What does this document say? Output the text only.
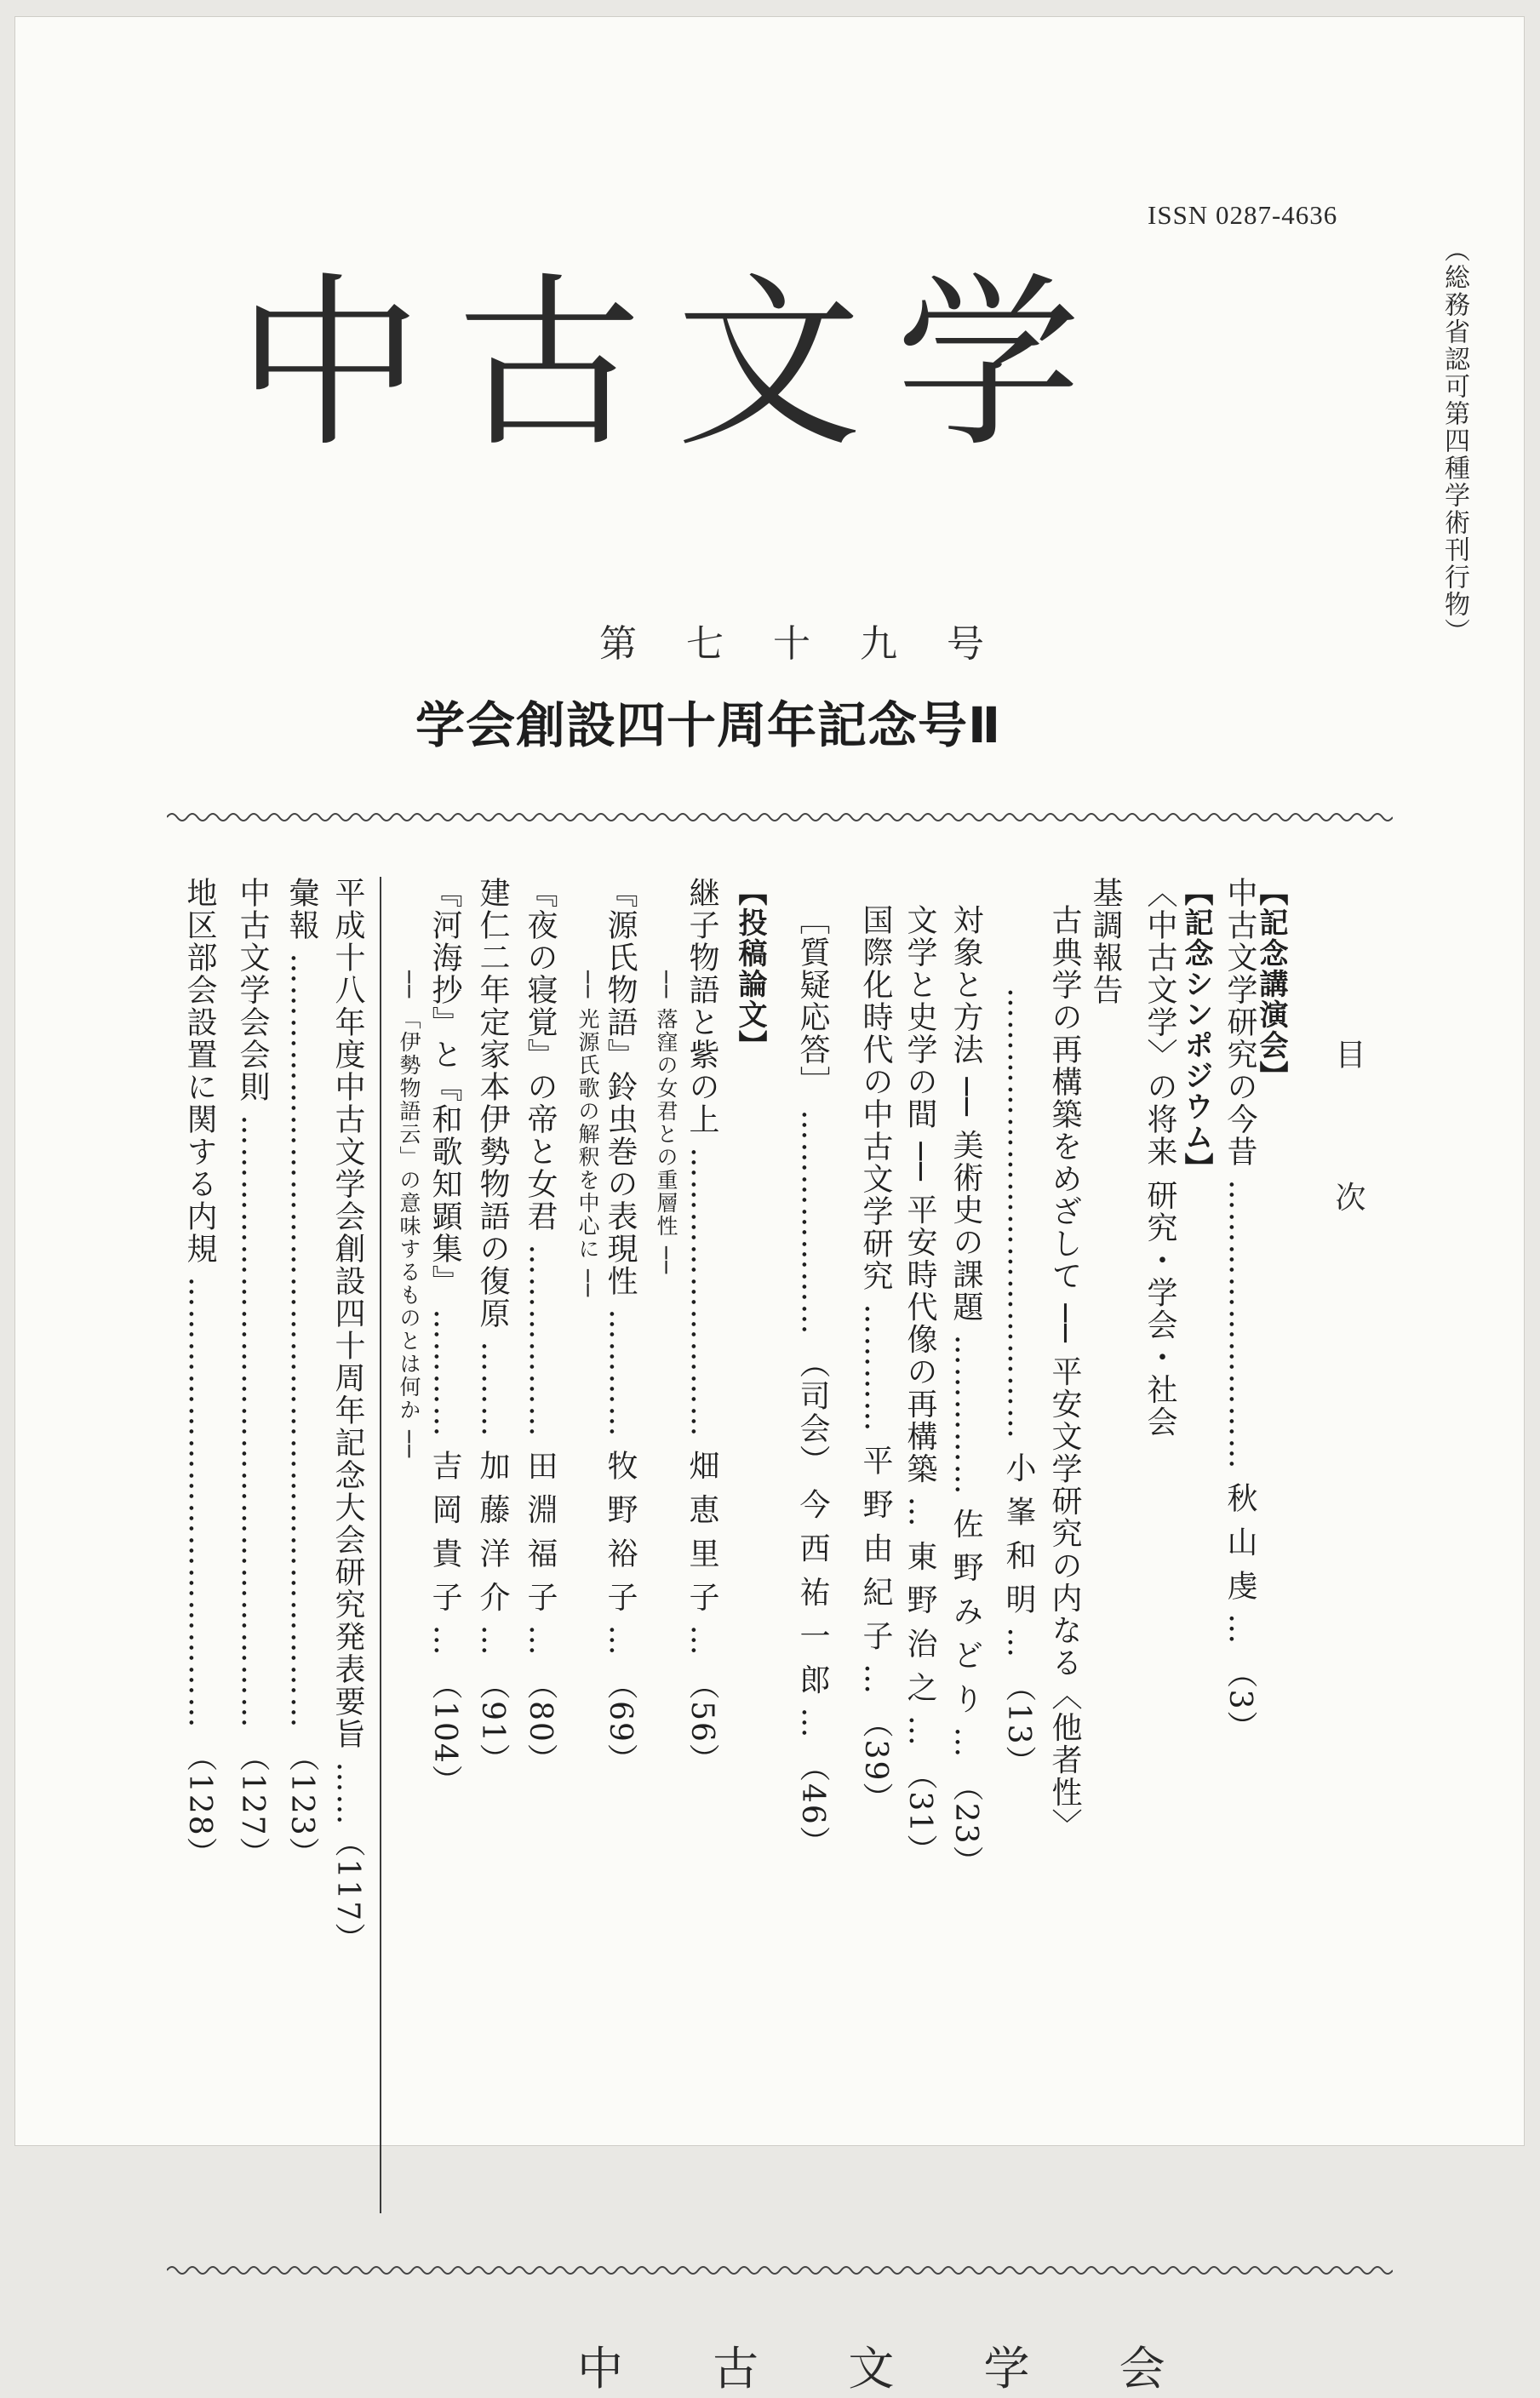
ISSN 0287-4636
︵総務省認可第四種学術刊行物︶
中古文学
第 七 十 九 号
学会創設四十周年記念号Ⅱ
目 次
【記念講演会】
中古文学研究の今昔 ……………………… 秋 山 虔 … ︵3︶
【記念シンポジウム】
〈中古文学〉の将来 研究・学会・社会
基調報告
古典学の再構築をめざして ── 平安文学研究の内なる〈他者性〉
…………………………………… 小 峯 和 明 … ︵13︶
対象と方法 ── 美術史の課題 …………… 佐 野 み ど り … ︵23︶
文学と史学の間 ── 平安時代像の再構築 … 東 野 治 之 … ︵31︶
国際化時代の中古文学研究 ………… 平 野 由 紀 子 … ︵39︶
［質疑応答］ ………………… ︵司会︶ 今 西 祐 一 郎 … ︵46︶
【投稿論文】
継子物語と紫の上 ……………………… 畑 恵 里 子 … ︵56︶
── 落窪の女君との重層性 ──
『源氏物語』鈴虫巻の表現性 ………… 牧 野 裕 子 … ︵69︶
── 光源氏歌の解釈を中心に ──
『夜の寝覚』の帝と女君 ……………… 田 淵 福 子 … ︵80︶
建仁二年定家本伊勢物語の復原 ……… 加 藤 洋 介 … ︵91︶
『河海抄』と『和歌知顕集』 ………… 吉 岡 貴 子 … ︵104︶
── 「伊勢物語云」の意味するものとは何か ──
平成十八年度中古文学会創設四十周年記念大会研究発表要旨 ……︵117︶
彙報 ……………………………………………………………… ︵123︶
中古文学会会則 ………………………………………………… ︵127︶
地区部会設置に関する内規 …………………………………… ︵128︶
中 古 文 学 会
